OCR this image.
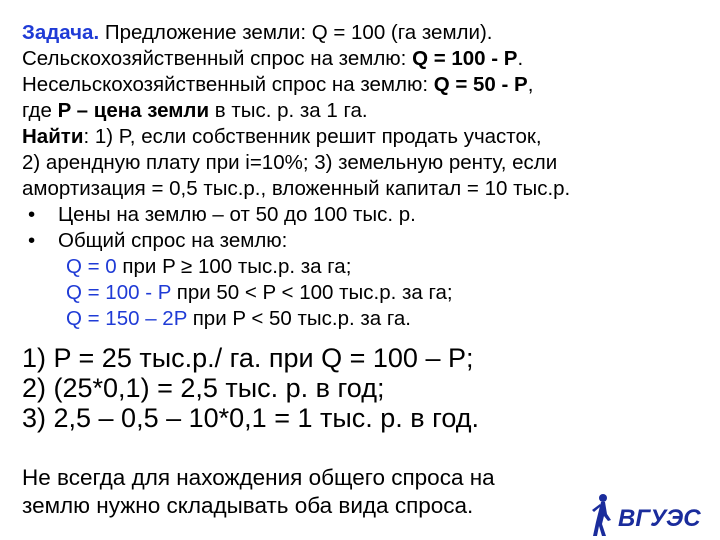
Задача. Предложение земли: Q = 100 (га земли).
Сельскохозяйственный спрос на землю: Q = 100 - P.
Несельскохозяйственный спрос на землю: Q = 50 - P,
где P – цена земли в тыс. р. за 1 га.
Найти: 1) P, если собственник решит продать участок,
2) арендную плату при i=10%; 3) земельную ренту, если
амортизация = 0,5 тыс.р., вложенный капитал = 10 тыс.р.
• Цены на землю – от 50 до 100 тыс. р.
• Общий спрос на землю:
Q = 0 при P ≥ 100 тыс.р. за га;
Q = 100 - P при 50 < P < 100 тыс.р. за га;
Q = 150 – 2P при P < 50 тыс.р. за га.
1) P = 25 тыс.р./ га. при Q = 100 – P;
2) (25*0,1) = 2,5 тыс. р. в год;
3) 2,5 – 0,5 – 10*0,1 = 1 тыс. р. в год.
Не всегда для нахождения общего спроса на
землю нужно складывать оба вида спроса.	ВГУЭС
